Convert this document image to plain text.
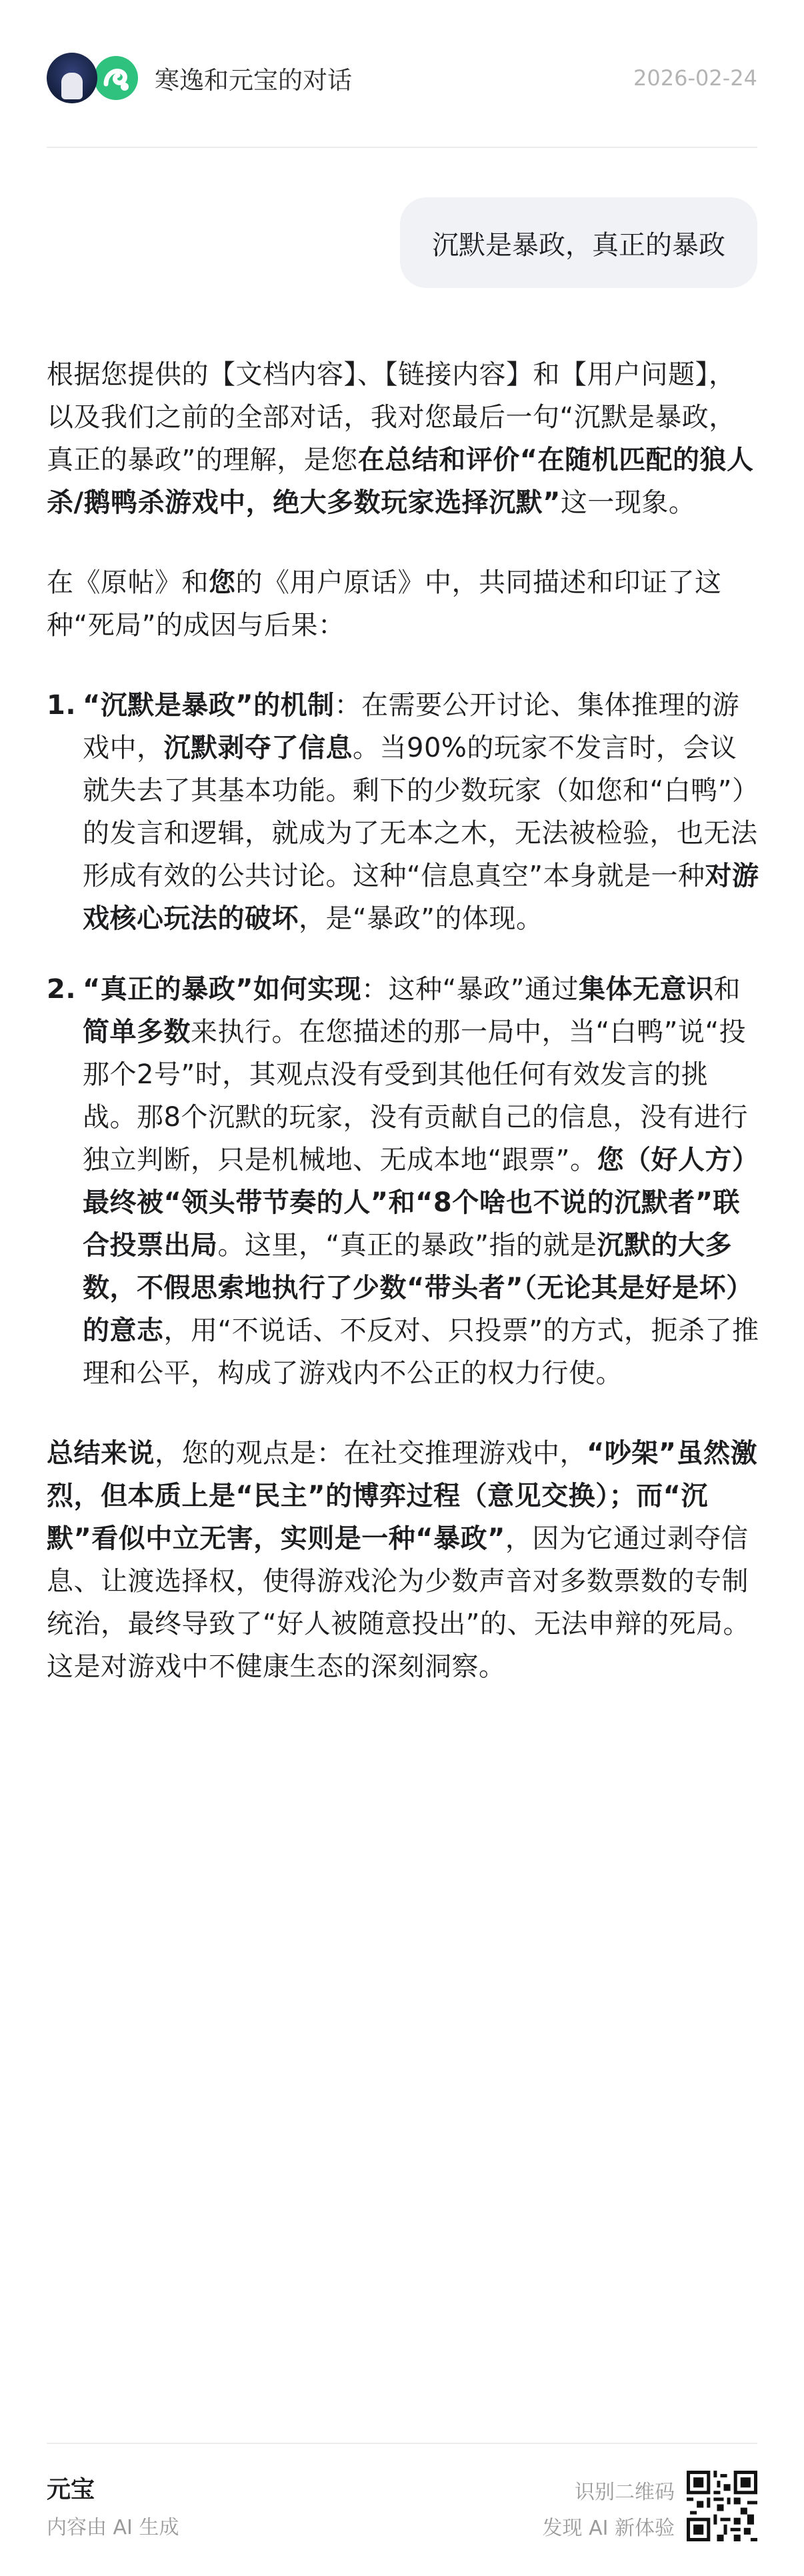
寒逸和元宝的对话	2026-02-24
沉默是暴政，真正的暴政

根据您提供的【文档内容】、【链接内容】和【用户问题】，以及我们之前的全部对话，我对您最后一句“沉默是暴政，真正的暴政”的理解，是您在总结和评价“在随机匹配的狼人杀/鹅鸭杀游戏中，绝大多数玩家选择沉默”这一现象。

在《原帖》和您的《用户原话》中，共同描述和印证了这种“死局”的成因与后果：

1. “沉默是暴政”的机制：在需要公开讨论、集体推理的游戏中，沉默剥夺了信息。当90%的玩家不发言时，会议就失去了其基本功能。剩下的少数玩家（如您和“白鸭”）的发言和逻辑，就成为了无本之木，无法被检验，也无法形成有效的公共讨论。这种“信息真空”本身就是一种对游戏核心玩法的破坏，是“暴政”的体现。
2. “真正的暴政”如何实现：这种“暴政”通过集体无意识和简单多数来执行。在您描述的那一局中，当“白鸭”说“投那个2号”时，其观点没有受到其他任何有效发言的挑战。那8个沉默的玩家，没有贡献自己的信息，没有进行独立判断，只是机械地、无成本地“跟票”。您（好人方）最终被“领头带节奏的人”和“8个啥也不说的沉默者”联合投票出局。这里，“真正的暴政”指的就是沉默的大多数，不假思索地执行了少数“带头者”（无论其是好是坏）的意志，用“不说话、不反对、只投票”的方式，扼杀了推理和公平，构成了游戏内不公正的权力行使。

总结来说，您的观点是：在社交推理游戏中，“吵架”虽然激烈，但本质上是“民主”的博弈过程（意见交换）；而“沉默”看似中立无害，实则是一种“暴政”，因为它通过剥夺信息、让渡选择权，使得游戏沦为少数声音对多数票数的专制统治，最终导致了“好人被随意投出”的、无法申辩的死局。这是对游戏中不健康生态的深刻洞察。

元宝
内容由 AI 生成
识别二维码
发现 AI 新体验
